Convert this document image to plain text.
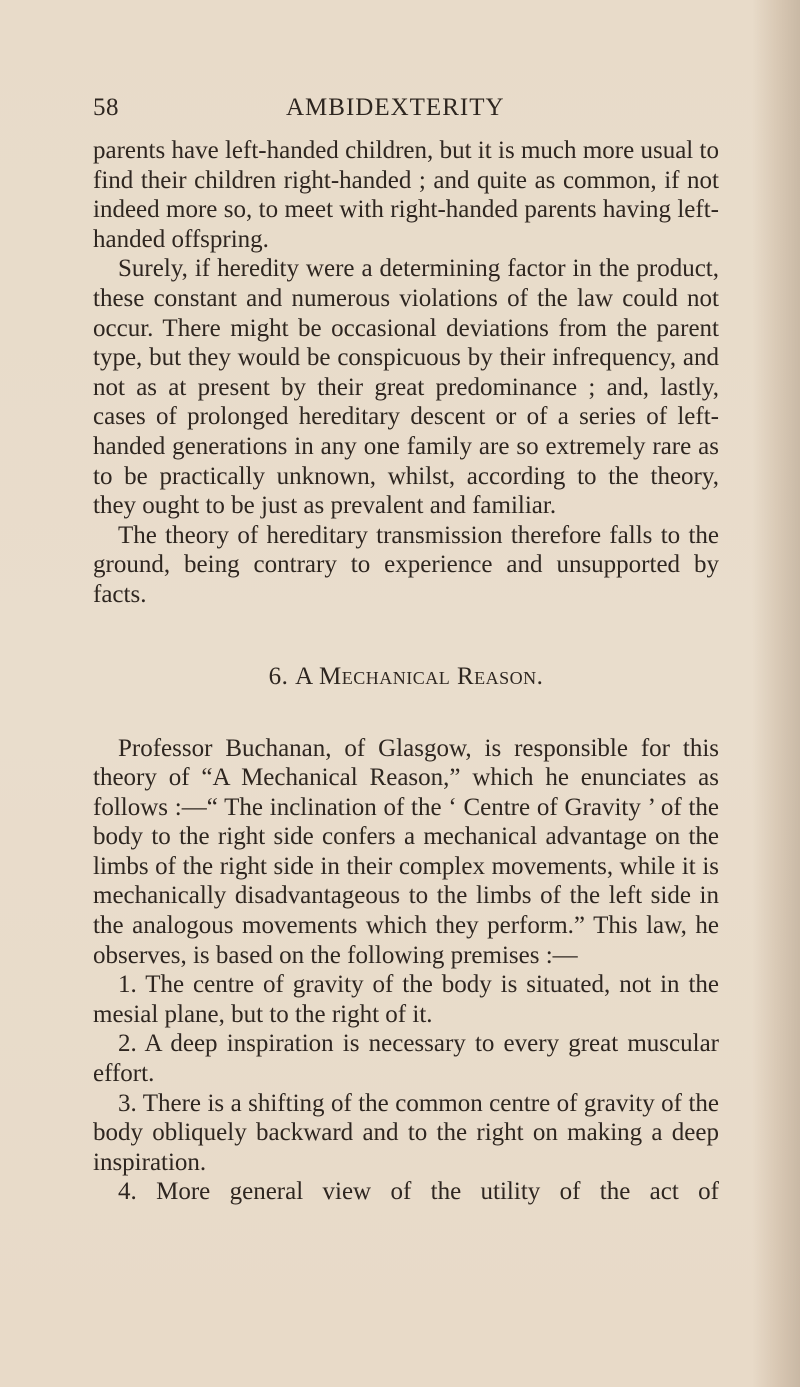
58	AMBIDEXTERITY

parents have left-handed children, but it is much more usual to find their children right-handed ; and quite as common, if not indeed more so, to meet with right-handed parents having left-handed offspring.

Surely, if heredity were a determining factor in the product, these constant and numerous violations of the law could not occur. There might be occasional deviations from the parent type, but they would be conspicuous by their infrequency, and not as at present by their great predominance ; and, lastly, cases of prolonged hereditary descent or of a series of left-handed generations in any one family are so extremely rare as to be practically unknown, whilst, according to the theory, they ought to be just as prevalent and familiar.

The theory of hereditary transmission therefore falls to the ground, being contrary to experience and unsupported by facts.

6. A Mechanical Reason.

Professor Buchanan, of Glasgow, is responsible for this theory of “A Mechanical Reason,” which he enunciates as follows :—“ The inclination of the ‘ Centre of Gravity ’ of the body to the right side confers a mechanical advantage on the limbs of the right side in their complex movements, while it is mechanically disadvantageous to the limbs of the left side in the analogous movements which they perform.” This law, he observes, is based on the following premises :—

1. The centre of gravity of the body is situated, not in the mesial plane, but to the right of it.

2. A deep inspiration is necessary to every great muscular effort.

3. There is a shifting of the common centre of gravity of the body obliquely backward and to the right on making a deep inspiration.

4. More general view of the utility of the act of
